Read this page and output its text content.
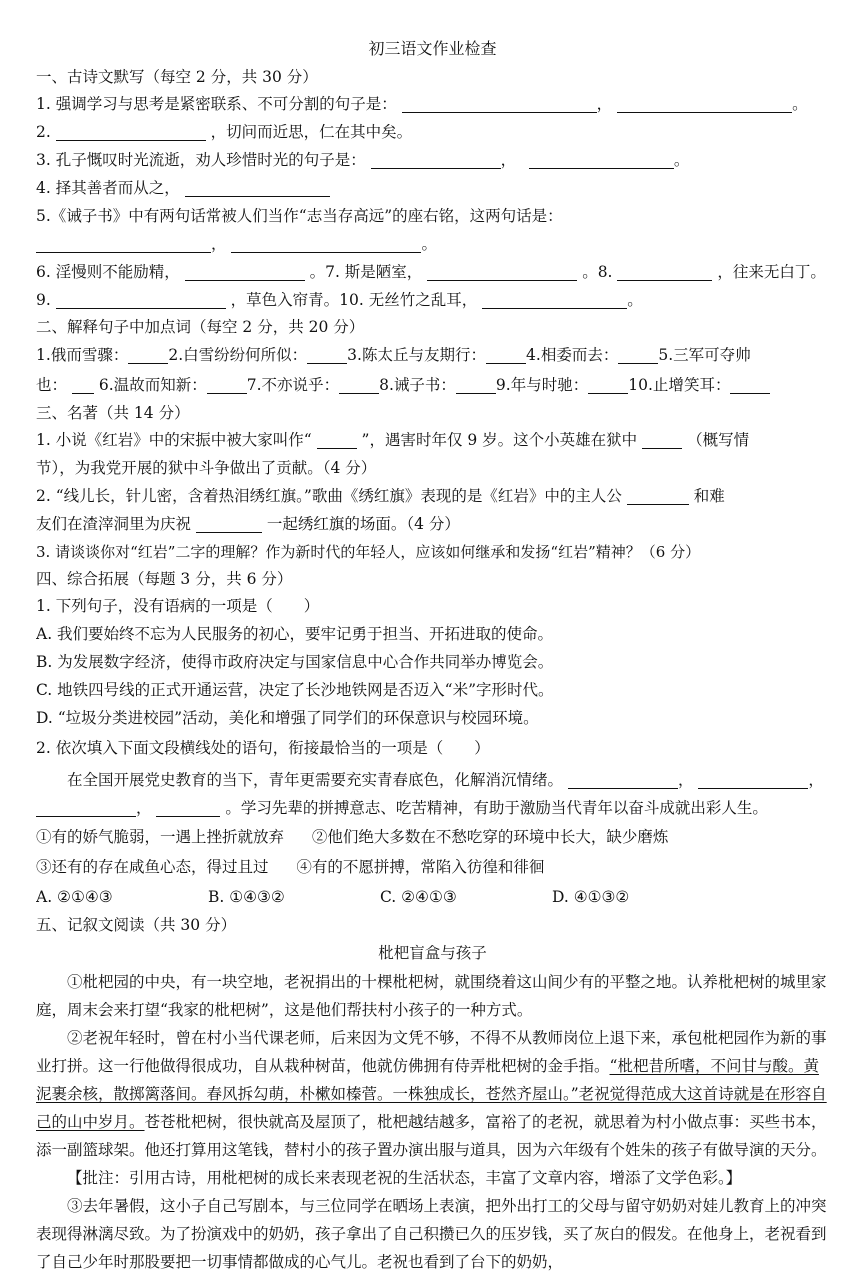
初三语文作业检查
一、古诗文默写（每空 2 分，共 30 分）
1. 强调学习与思考是紧密联系、不可分割的句子是：	，	。
2.	，切问而近思，仁在其中矣。
3. 孔子慨叹时光流逝，劝人珍惜时光的句子是：	，　	。
4. 择其善者而从之，
5.《诫子书》中有两句话常被人们当作“志当存高远”的座右铭，这两句话是：
，	。
6. 淫慢则不能励精，	。7. 斯是陋室，	。8.	，往来无白丁。
9.	，草色入帘青。10. 无丝竹之乱耳，	。
二、解释句子中加点词（每空 2 分，共 20 分）
1.俄而雪骤：	2.白雪纷纷何所似：	3.陈太丘与友期行：	4.相委而去：	5.三军可夺帅
也： 6.温故而知新：	7.不亦说乎：	8.诫子书：	9.年与时驰：	10.止增笑耳：
三、名著（共 14 分）
1. 小说《红岩》中的宋振中被大家叫作“	”，遇害时年仅 9 岁。这个小英雄在狱中	（概写情
节），为我党开展的狱中斗争做出了贡献。（4 分）
2. “线儿长，针儿密，含着热泪绣红旗。”歌曲《绣红旗》表现的是《红岩》中的主人公	和难
友们在渣滓洞里为庆祝	一起绣红旗的场面。（4 分）
3. 请谈谈你对“红岩”二字的理解？作为新时代的年轻人，应该如何继承和发扬“红岩”精神？（6 分）
四、综合拓展（每题 3 分，共 6 分）
1. 下列句子，没有语病的一项是（　　）
A. 我们要始终不忘为人民服务的初心，要牢记勇于担当、开拓进取的使命。
B. 为发展数字经济，使得市政府决定与国家信息中心合作共同举办博览会。
C. 地铁四号线的正式开通运营，决定了长沙地铁网是否迈入“米”字形时代。
D. “垃圾分类进校园”活动，美化和增强了同学们的环保意识与校园环境。
2. 依次填入下面文段横线处的语句，衔接最恰当的一项是（　　）
在全国开展党史教育的当下，青年更需要充实青春底色，化解消沉情绪。	，	，
，	。学习先辈的拼搏意志、吃苦精神，有助于激励当代青年以奋斗成就出彩人生。
①有的娇气脆弱，一遇上挫折就放弃 ②他们绝大多数在不愁吃穿的环境中长大，缺少磨炼
③还有的存在咸鱼心态，得过且过 ④有的不愿拼搏，常陷入彷徨和徘徊
A. ②①④③	B. ①④③②	C. ②④①③	D. ④①③②
五、记叙文阅读（共 30 分）
枇杷盲盒与孩子
①枇杷园的中央，有一块空地，老祝捐出的十棵枇杷树，就围绕着这山间少有的平整之地。认养枇杷树的城里家庭，周末会来打望“我家的枇杷树”，这是他们帮扶村小孩子的一种方式。
②老祝年轻时，曾在村小当代课老师，后来因为文凭不够，不得不从教师岗位上退下来，承包枇杷园作为新的事业打拼。这一行他做得很成功，自从栽种树苗，他就仿佛拥有侍弄枇杷树的金手指。“枇杷昔所嗜，不问甘与酸。黄泥裹余核，散掷篱落间。春风拆勾萌，朴樕如榛菅。一株独成长，苍然齐屋山。”老祝觉得范成大这首诗就是在形容自己的山中岁月。苍苍枇杷树，很快就高及屋顶了，枇杷越结越多，富裕了的老祝，就思着为村小做点事：买些书本，添一副篮球架。他还打算用这笔钱，替村小的孩子置办演出服与道具，因为六年级有个姓朱的孩子有做导演的天分。
【批注：引用古诗，用枇杷树的成长来表现老祝的生活状态，丰富了文章内容，增添了文学色彩。】
③去年暑假，这小子自己写剧本，与三位同学在晒场上表演，把外出打工的父母与留守奶奶对娃儿教育上的冲突表现得淋漓尽致。为了扮演戏中的奶奶，孩子拿出了自己积攒已久的压岁钱，买了灰白的假发。在他身上，老祝看到了自己少年时那股要把一切事情都做成的心气儿。老祝也看到了台下的奶奶，
